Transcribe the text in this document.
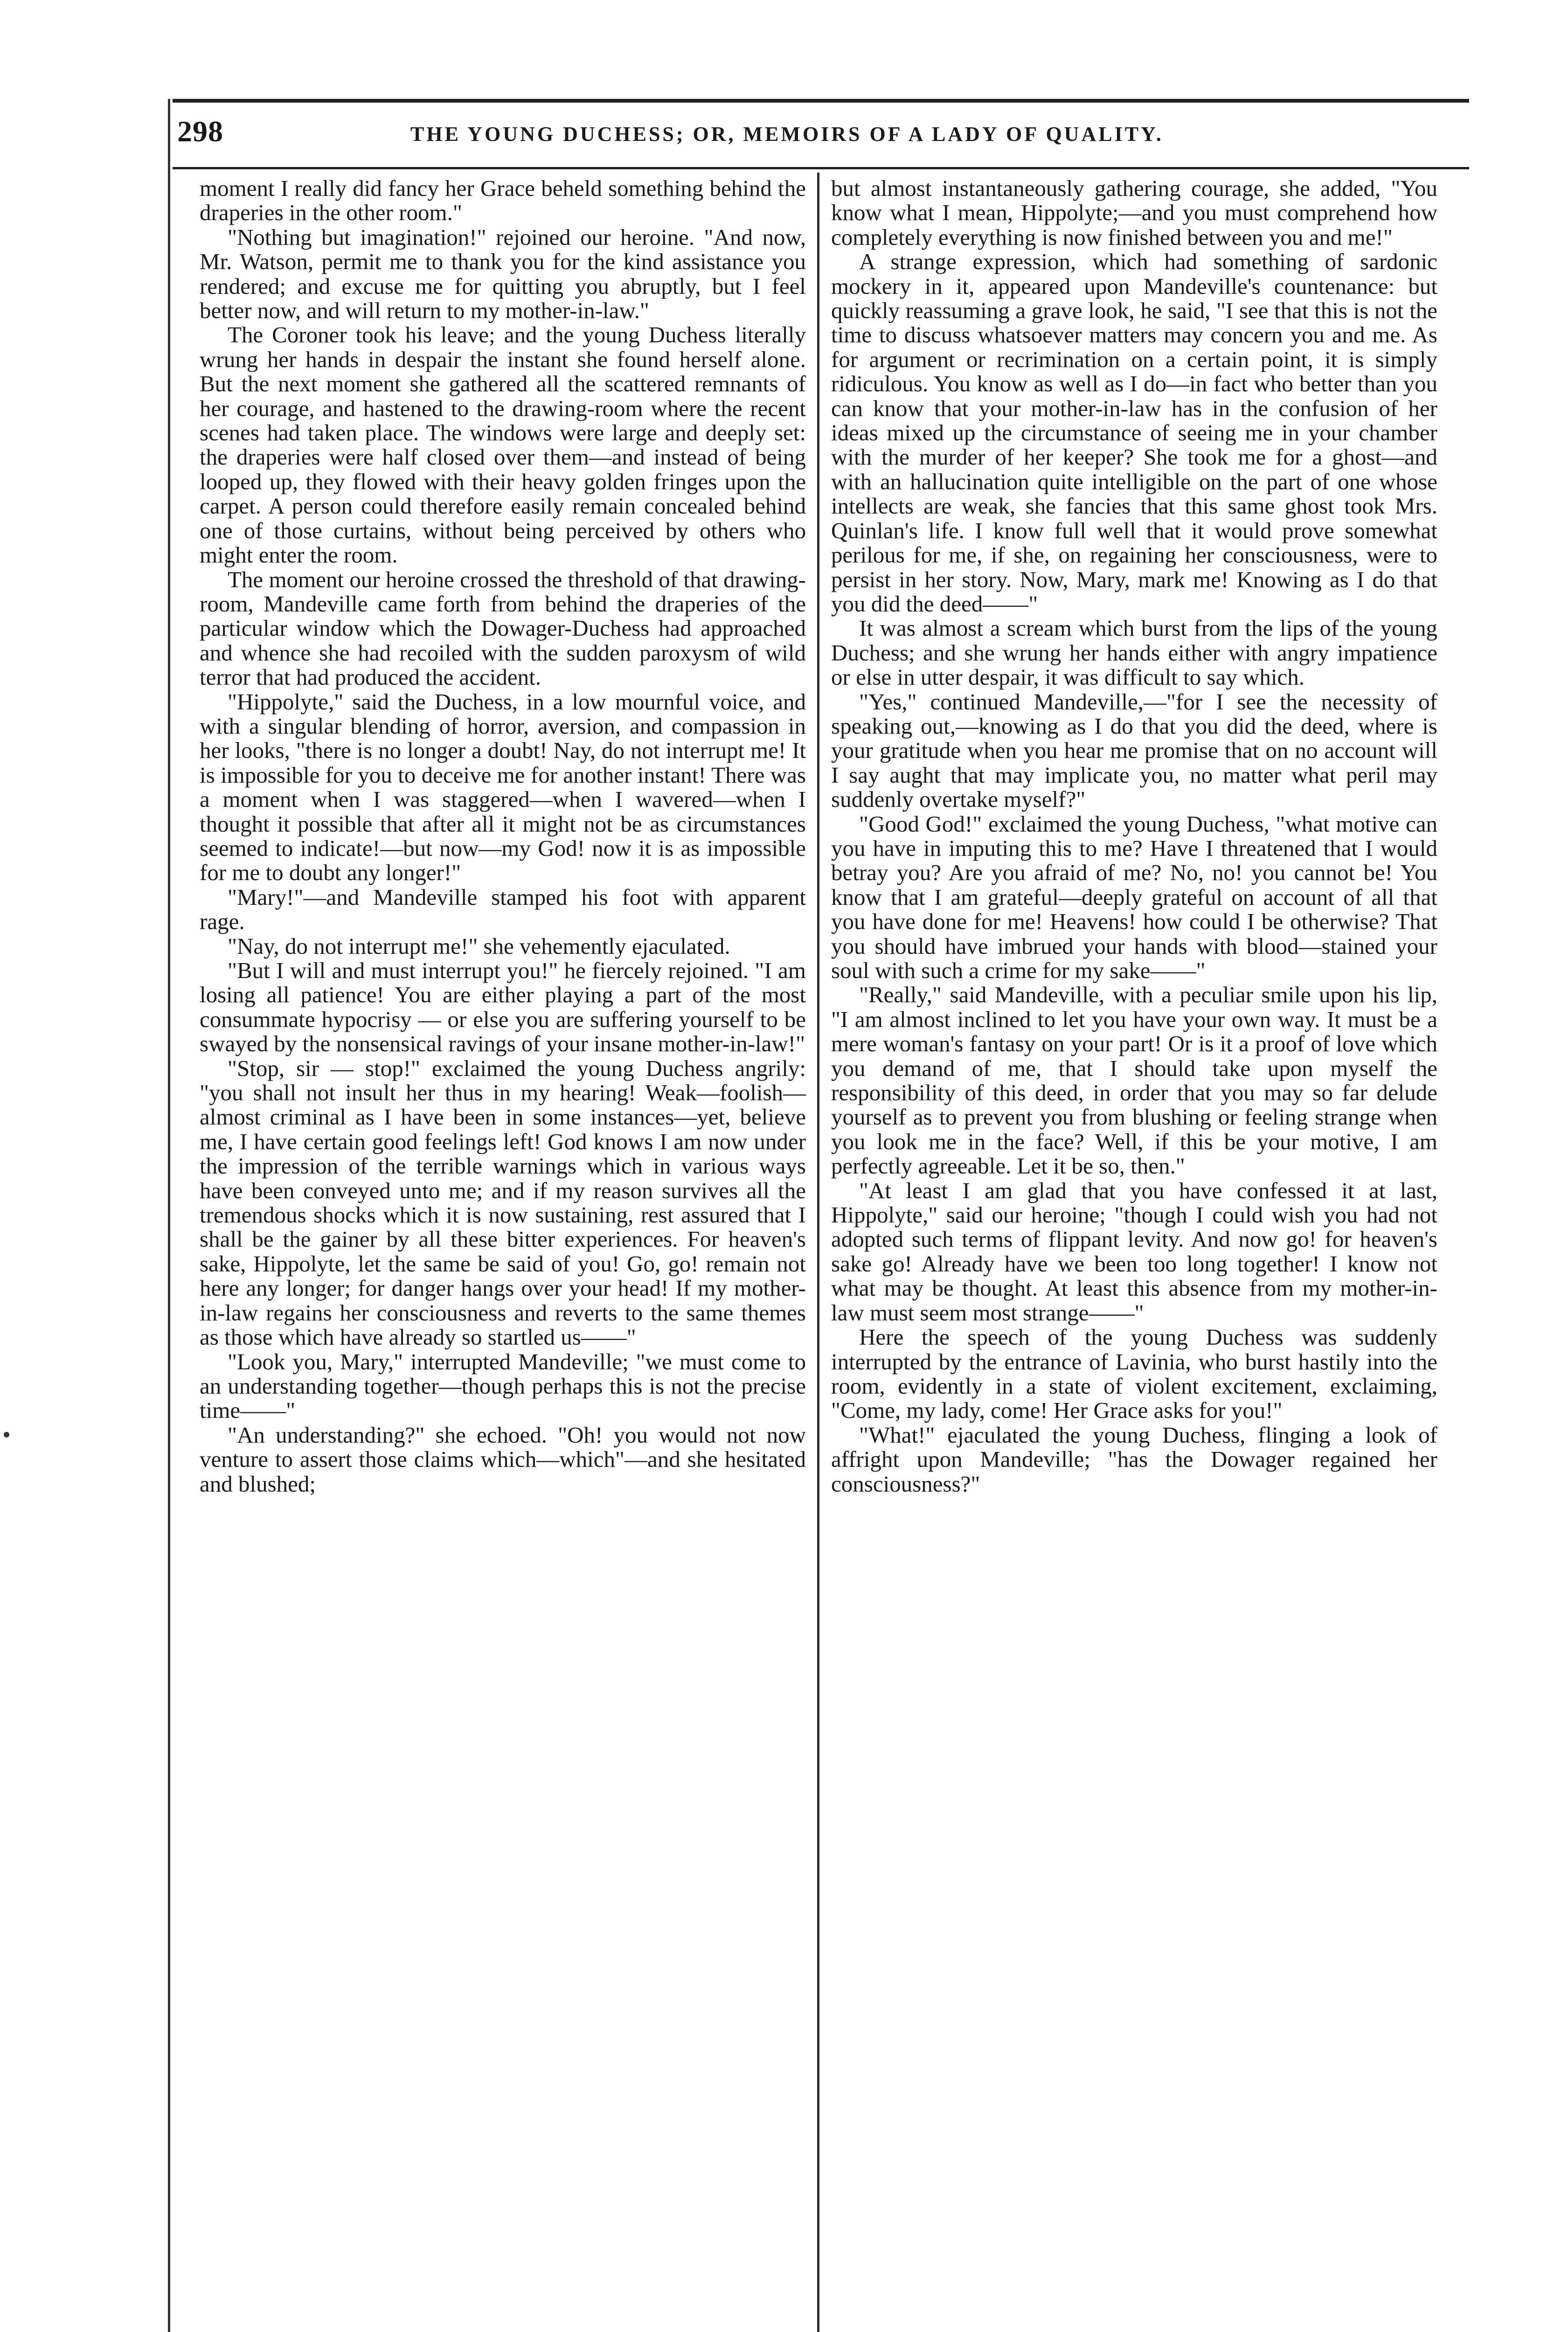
298	THE YOUNG DUCHESS; OR, MEMOIRS OF A LADY OF QUALITY.

moment I really did fancy her Grace beheld something behind the draperies in the other room."

"Nothing but imagination!" rejoined our heroine. "And now, Mr. Watson, permit me to thank you for the kind assistance you rendered; and excuse me for quitting you abruptly, but I feel better now, and will return to my mother-in-law."

The Coroner took his leave; and the young Duchess literally wrung her hands in despair the instant she found herself alone. But the next moment she gathered all the scattered remnants of her courage, and hastened to the drawing-room where the recent scenes had taken place. The windows were large and deeply set: the draperies were half closed over them—and instead of being looped up, they flowed with their heavy golden fringes upon the carpet. A person could therefore easily remain concealed behind one of those curtains, without being perceived by others who might enter the room.

The moment our heroine crossed the threshold of that drawing-room, Mandeville came forth from behind the draperies of the particular window which the Dowager-Duchess had approached and whence she had recoiled with the sudden paroxysm of wild terror that had produced the accident.

"Hippolyte," said the Duchess, in a low mournful voice, and with a singular blending of horror, aversion, and compassion in her looks, "there is no longer a doubt! Nay, do not interrupt me! It is impossible for you to deceive me for another instant! There was a moment when I was staggered—when I wavered—when I thought it possible that after all it might not be as circumstances seemed to indicate!—but now—my God! now it is as impossible for me to doubt any longer!"

"Mary!"—and Mandeville stamped his foot with apparent rage.

"Nay, do not interrupt me!" she vehemently ejaculated.

"But I will and must interrupt you!" he fiercely rejoined. "I am losing all patience! You are either playing a part of the most consummate hypocrisy — or else you are suffering yourself to be swayed by the nonsensical ravings of your insane mother-in-law!"

"Stop, sir — stop!" exclaimed the young Duchess angrily: "you shall not insult her thus in my hearing! Weak—foolish—almost criminal as I have been in some instances—yet, believe me, I have certain good feelings left! God knows I am now under the impression of the terrible warnings which in various ways have been conveyed unto me; and if my reason survives all the tremendous shocks which it is now sustaining, rest assured that I shall be the gainer by all these bitter experiences. For heaven's sake, Hippolyte, let the same be said of you! Go, go! remain not here any longer; for danger hangs over your head! If my mother-in-law regains her consciousness and reverts to the same themes as those which have already so startled us——"

"Look you, Mary," interrupted Mandeville; "we must come to an understanding together—though perhaps this is not the precise time——"

"An understanding?" she echoed. "Oh! you would not now venture to assert those claims which—which"—and she hesitated and blushed;

but almost instantaneously gathering courage, she added, "You know what I mean, Hippolyte;—and you must comprehend how completely everything is now finished between you and me!"

A strange expression, which had something of sardonic mockery in it, appeared upon Mandeville's countenance: but quickly reassuming a grave look, he said, "I see that this is not the time to discuss whatsoever matters may concern you and me. As for argument or recrimination on a certain point, it is simply ridiculous. You know as well as I do—in fact who better than you can know that your mother-in-law has in the confusion of her ideas mixed up the circumstance of seeing me in your chamber with the murder of her keeper? She took me for a ghost—and with an hallucination quite intelligible on the part of one whose intellects are weak, she fancies that this same ghost took Mrs. Quinlan's life. I know full well that it would prove somewhat perilous for me, if she, on regaining her consciousness, were to persist in her story. Now, Mary, mark me! Knowing as I do that you did the deed——"

It was almost a scream which burst from the lips of the young Duchess; and she wrung her hands either with angry impatience or else in utter despair, it was difficult to say which.

"Yes," continued Mandeville,—"for I see the necessity of speaking out,—knowing as I do that you did the deed, where is your gratitude when you hear me promise that on no account will I say aught that may implicate you, no matter what peril may suddenly overtake myself?"

"Good God!" exclaimed the young Duchess, "what motive can you have in imputing this to me? Have I threatened that I would betray you? Are you afraid of me? No, no! you cannot be! You know that I am grateful—deeply grateful on account of all that you have done for me! Heavens! how could I be otherwise? That you should have imbrued your hands with blood—stained your soul with such a crime for my sake——"

"Really," said Mandeville, with a peculiar smile upon his lip, "I am almost inclined to let you have your own way. It must be a mere woman's fantasy on your part! Or is it a proof of love which you demand of me, that I should take upon myself the responsibility of this deed, in order that you may so far delude yourself as to prevent you from blushing or feeling strange when you look me in the face? Well, if this be your motive, I am perfectly agreeable. Let it be so, then."

"At least I am glad that you have confessed it at last, Hippolyte," said our heroine; "though I could wish you had not adopted such terms of flippant levity. And now go! for heaven's sake go! Already have we been too long together! I know not what may be thought. At least this absence from my mother-in-law must seem most strange——"

Here the speech of the young Duchess was suddenly interrupted by the entrance of Lavinia, who burst hastily into the room, evidently in a state of violent excitement, exclaiming, "Come, my lady, come! Her Grace asks for you!"

"What!" ejaculated the young Duchess, flinging a look of affright upon Mandeville; "has the Dowager regained her consciousness?"
